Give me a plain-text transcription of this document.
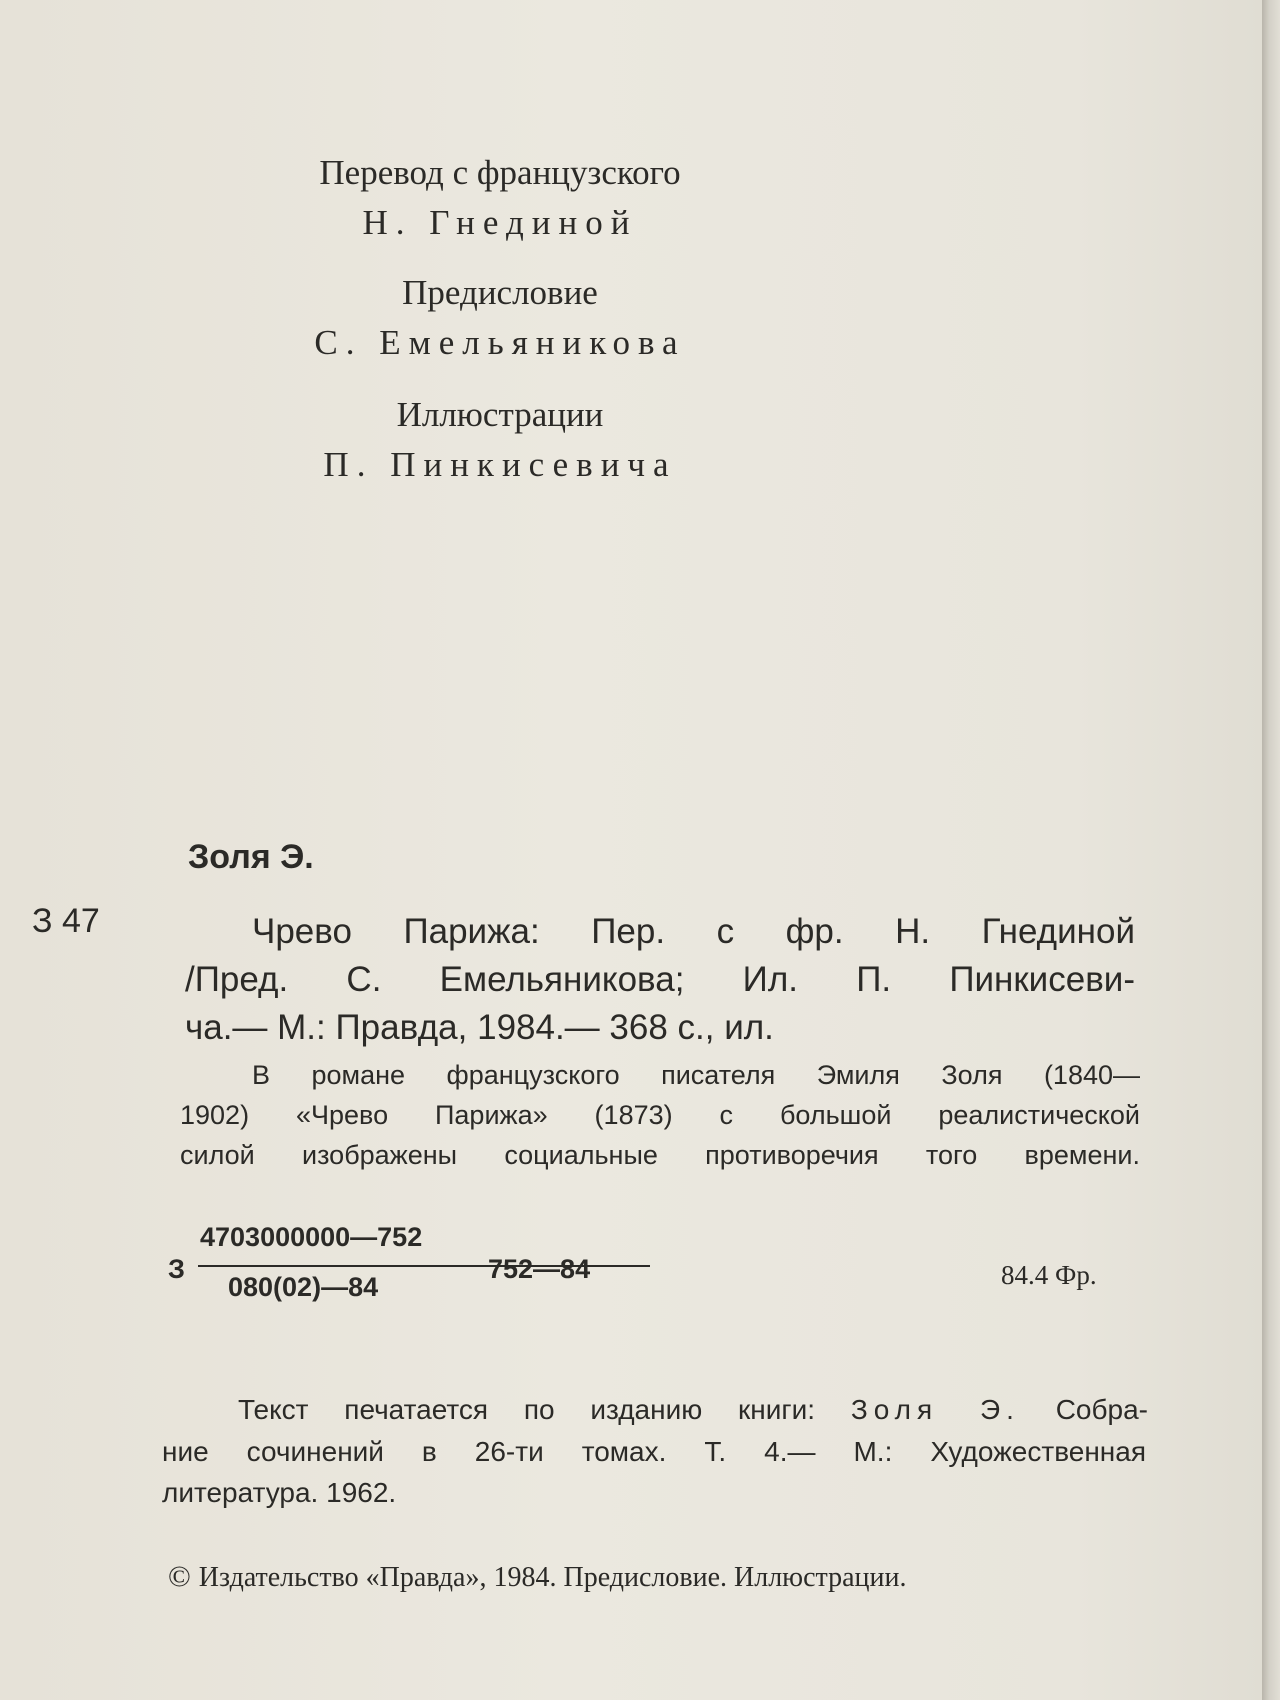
Перевод с французского
Н. Гнединой
Предисловие
С. Емельяникова
Иллюстрации
П. Пинкисевича
Золя Э.
З 47	Чрево Парижа: Пер. с фр. Н. Гнединой
/Пред. С. Емельяникова; Ил. П. Пинкисеви-
ча.— М.: Правда, 1984.— 368 с., ил.
В романе французского писателя Эмиля Золя (1840—
1902) «Чрево Парижа» (1873) с большой реалистической
силой изображены социальные противоречия того времени.
З
4703000000—752
080(02)—84
752—84	84.4 Фр.
Текст печатается по изданию книги: Золя Э. Собра-
ние сочинений в 26-ти томах. Т. 4.— М.: Художественная
литература. 1962.
© Издательство «Правда», 1984. Предисловие. Иллюстрации.
